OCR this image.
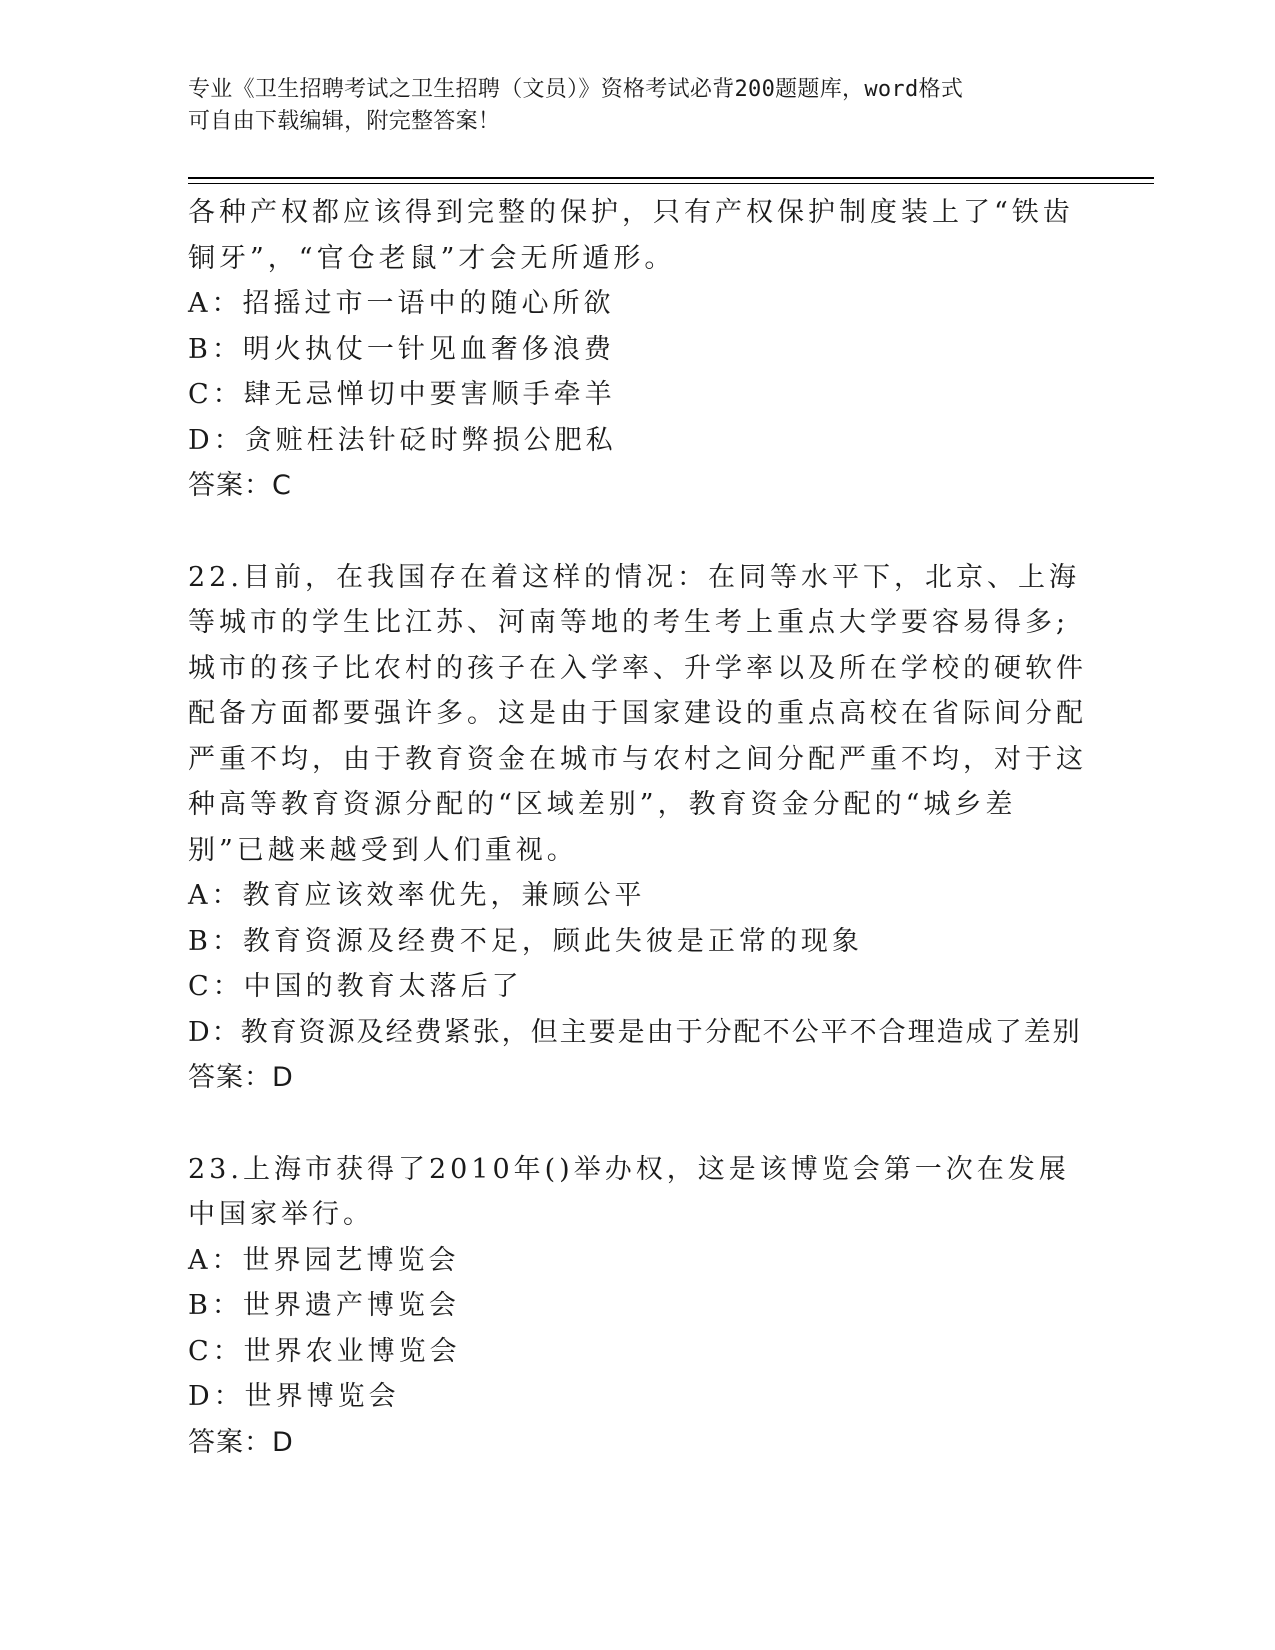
专业《卫生招聘考试之卫生招聘（文员）》资格考试必背200题题库，word格式
可自由下载编辑，附完整答案！

各种产权都应该得到完整的保护，只有产权保护制度装上了“铁齿铜牙”，“官仓老鼠”才会无所遁形。

A：招摇过市一语中的随心所欲

B：明火执仗一针见血奢侈浪费

C：肆无忌惮切中要害顺手牵羊

D：贪赃枉法针砭时弊损公肥私

答案：C

22.目前，在我国存在着这样的情况：在同等水平下，北京、上海等城市的学生比江苏、河南等地的考生考上重点大学要容易得多;城市的孩子比农村的孩子在入学率、升学率以及所在学校的硬软件配备方面都要强许多。这是由于国家建设的重点高校在省际间分配严重不均，由于教育资金在城市与农村之间分配严重不均，对于这种高等教育资源分配的“区域差别”，教育资金分配的“城乡差别”已越来越受到人们重视。

A：教育应该效率优先，兼顾公平

B：教育资源及经费不足，顾此失彼是正常的现象

C：中国的教育太落后了

D：教育资源及经费紧张，但主要是由于分配不公平不合理造成了差别

答案：D

23.上海市获得了2010年()举办权，这是该博览会第一次在发展中国家举行。

A：世界园艺博览会

B：世界遗产博览会

C：世界农业博览会

D：世界博览会

答案：D
